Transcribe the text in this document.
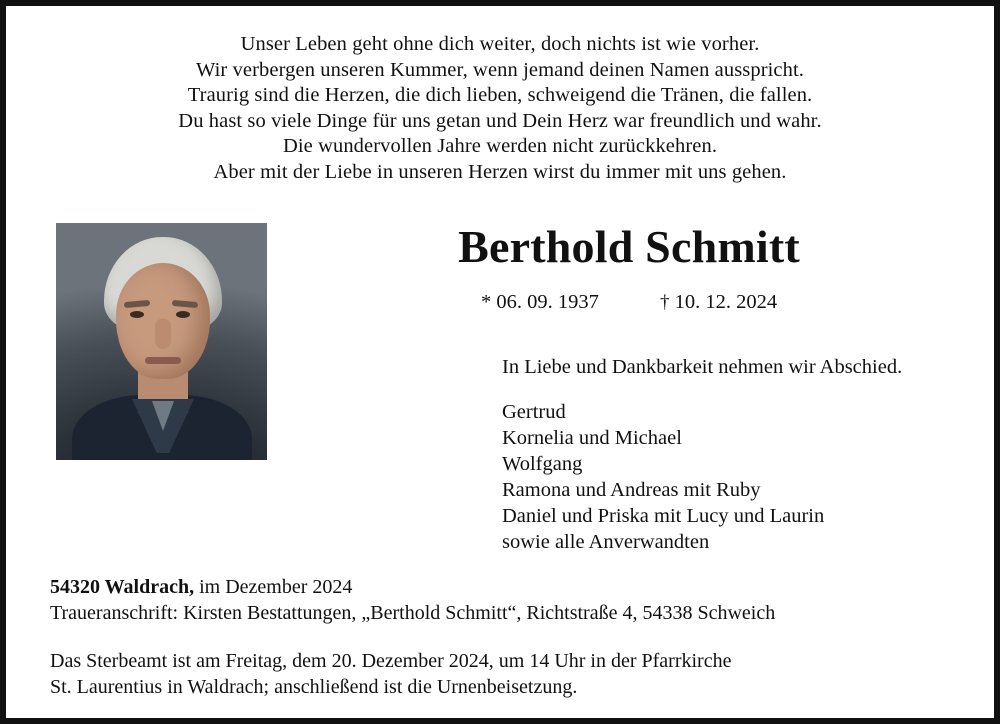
Unser Leben geht ohne dich weiter, doch nichts ist wie vorher.
Wir verbergen unseren Kummer, wenn jemand deinen Namen ausspricht.
Traurig sind die Herzen, die dich lieben, schweigend die Tränen, die fallen.
Du hast so viele Dinge für uns getan und Dein Herz war freundlich und wahr.
Die wundervollen Jahre werden nicht zurückkehren.
Aber mit der Liebe in unseren Herzen wirst du immer mit uns gehen.
Berthold Schmitt
* 06. 09. 1937	† 10. 12. 2024
In Liebe und Dankbarkeit nehmen wir Abschied.
Gertrud
Kornelia und Michael
Wolfgang
Ramona und Andreas mit Ruby
Daniel und Priska mit Lucy und Laurin
sowie alle Anverwandten
54320 Waldrach, im Dezember 2024
Traueranschrift: Kirsten Bestattungen, „Berthold Schmitt“, Richtstraße 4, 54338 Schweich
Das Sterbeamt ist am Freitag, dem 20. Dezember 2024, um 14 Uhr in der Pfarrkirche
St. Laurentius in Waldrach; anschließend ist die Urnenbeisetzung.
